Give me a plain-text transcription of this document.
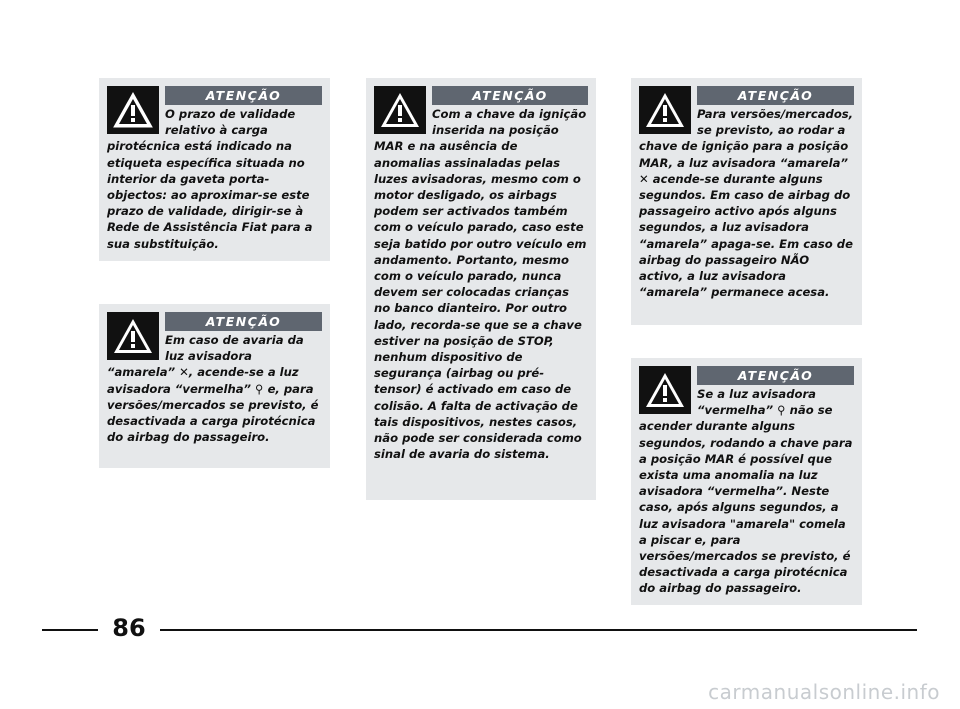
ATENÇÃO
O prazo de validade relativo à carga pirotécnica está indicado na etiqueta específica situada no interior da gaveta porta-objectos: ao aproximar-se este prazo de validade, dirigir-se à Rede de Assistência Fiat para a sua substituição.
ATENÇÃO
Em caso de avaria da luz avisadora “amarela” ✕, acende-se a luz avisadora “vermelha” ⚲ e, para versões/mercados se previsto, é desactivada a carga pirotécnica do airbag do passageiro.
ATENÇÃO
Com a chave da ignição inserida na posição MAR e na ausência de anomalias assinaladas pelas luzes avisadoras, mesmo com o motor desligado, os airbags podem ser activados também com o veículo parado, caso este seja batido por outro veículo em andamento. Portanto, mesmo com o veículo parado, nunca devem ser colocadas crianças no banco dianteiro. Por outro lado, recorda-se que se a chave estiver na posição de STOP, nenhum dispositivo de segurança (airbag ou pré-tensor) é activado em caso de colisão. A falta de activação de tais dispositivos, nestes casos, não pode ser considerada como sinal de avaria do sistema.
ATENÇÃO
Para versões/mercados, se previsto, ao rodar a chave de ignição para a posição MAR, a luz avisadora “amarela” ✕ acende-se durante alguns segundos. Em caso de airbag do passageiro activo após alguns segundos, a luz avisadora “amarela” apaga-se. Em caso de airbag do passageiro NÃO activo, a luz avisadora “amarela” permanece acesa.
ATENÇÃO
Se a luz avisadora “vermelha” ⚲ não se acender durante alguns segundos, rodando a chave para a posição MAR é possível que exista uma anomalia na luz avisadora “vermelha”. Neste caso, após alguns segundos, a luz avisadora "amarela" comela a piscar e, para versões/mercados se previsto, é desactivada a carga pirotécnica do airbag do passageiro.
86
carmanualsonline.info
